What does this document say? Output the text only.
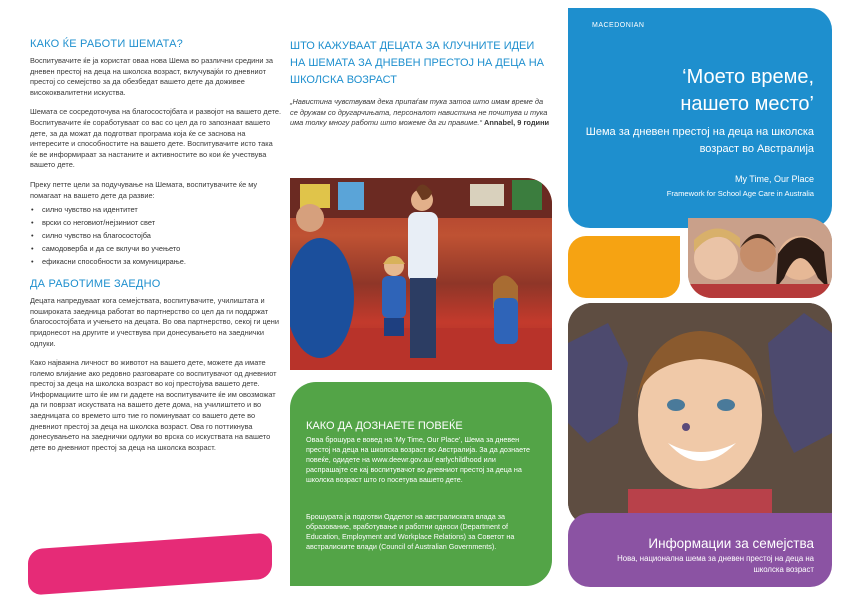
КАКО ЌЕ РАБОТИ ШЕМАТА?

Воспитувачите ќе ја користат оваа нова Шема во различни средини за дневен престој на деца на школска возраст, вклучувајќи го дневниот престој со семејство за да обезбедат вашето дете да доживее висококвалитетни искуства.

Шемата се сосредоточува на благосостојбата и развојот на вашето дете. Воспитувачите ќе соработуваат со вас со цел да го запознаат вашето дете, за да можат да подготват програма која ќе се заснова на интересите и способностите на вашето дете. Воспитувачите исто така ќе ве информираат за настаните и активностите во кои ќе учествува вашето дете.

Преку петте цели за подучување на Шемата, воспитувачите ќе му помагаат на вашето дете да развие:

• силно чувство на идентитет
• врски со неговиот/нејзиниот свет
• силно чувство на благосостојба
• самодоверба и да се вклучи во учењето
• ефикасни способности за комуницирање.
ДА РАБОТИМЕ ЗАЕДНО

Децата напредуваат кога семејствата, воспитувачите, училиштата и пошироката заедница работат во партнерство со цел да ги поддржат благосостојбата и учењето на децата. Во ова партнерство, секој ги цени придонесот на другите и учествува при донесувањето на заеднички одлуки.

Како најважна личност во животот на вашето дете, можете да имате големо влијание ако редовно разговарате со воспитувачот од дневниот престој за деца на школска возраст во кој престојува вашето дете. Информациите што ќе им ги дадете на воспитувачите ќе им овозможат да ги поврзат искуствата на вашето дете дома, на училиштето и во заедницата со времето што тие го поминуваат со вашето дете во дневниот престој за деца на школска возраст. Ова го поттикнува донесувањето на заеднички одлуки во врска со искуствата на вашето дете во дневниот престој за деца на школска возраст.

ШТО КАЖУВААТ ДЕЦАТА ЗА КЛУЧНИТЕ ИДЕИ НА ШЕМАТА ЗА ДНЕВЕН ПРЕСТОЈ НА ДЕЦА НА ШКОЛСКА ВОЗРАСТ

„Навистина чувствувам дека припаѓам тука затоа што имам време да се дружам со другарчињата, персоналот навистина не почитува и тука има толку многу работи што можеме да ги правиме.“ Annabel, 9 години

КАКО ДА ДОЗНАЕТЕ ПОВЕЌЕ

Оваа брошура е вовед на ‘My Time, Our Place’, Шема за дневен престој на деца на школска возраст во Австралија. За да дознаете повеќе, одидете на www.deewr.gov.au/ earlychildhood или распрашајте се кај воспитувачот во дневниот престој за деца на школска возраст што го посетува вашето дете.

Брошурата ја подготви Одделот на австралиската влада за образование, вработување и работни односи (Department of Education, Employment and Workplace Relations) за Советот на австралиските влади (Council of Australian Governments).

MACEDONIAN
‘Моето време,
нашето место’
Шема за дневен престој на деца на школска возраст во Австралија
My Time, Our Place
Framework for School Age Care in Australia
Информации за семејства
Нова, национална шема за дневен престој на деца на школска возраст
